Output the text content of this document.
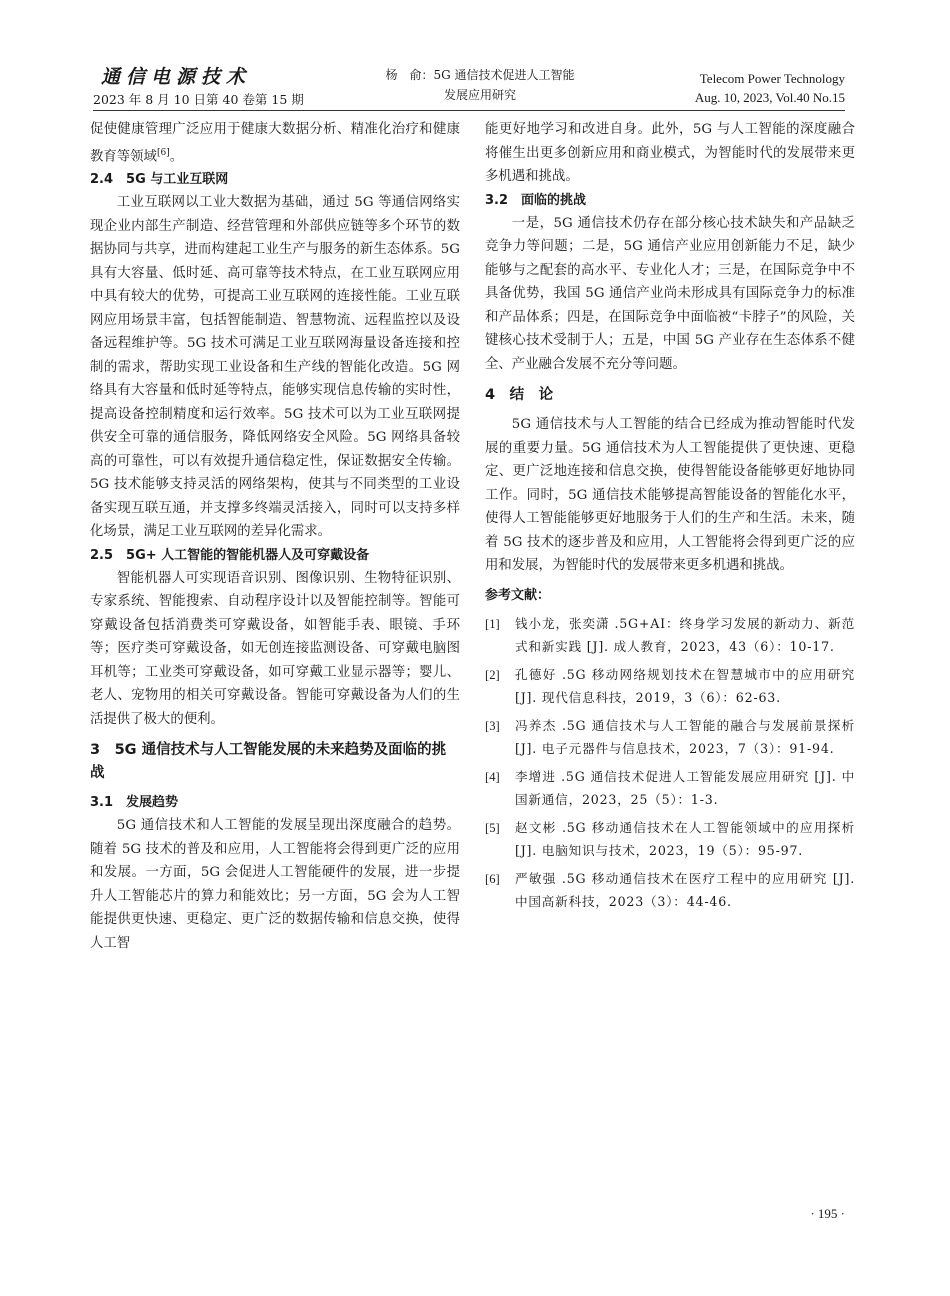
通信电源技术
2023 年 8 月 10 日第 40 卷第 15 期
杨　俞：5G 通信技术促进人工智能
发展应用研究
Telecom Power Technology
Aug. 10, 2023, Vol.40 No.15

促使健康管理广泛应用于健康大数据分析、精准化治疗和健康教育等领域[6]。

2.4　5G 与工业互联网

工业互联网以工业大数据为基础，通过 5G 等通信网络实现企业内部生产制造、经营管理和外部供应链等多个环节的数据协同与共享，进而构建起工业生产与服务的新生态体系。5G 具有大容量、低时延、高可靠等技术特点，在工业互联网应用中具有较大的优势，可提高工业互联网的连接性能。工业互联网应用场景丰富，包括智能制造、智慧物流、远程监控以及设备远程维护等。5G 技术可满足工业互联网海量设备连接和控制的需求，帮助实现工业设备和生产线的智能化改造。5G 网络具有大容量和低时延等特点，能够实现信息传输的实时性，提高设备控制精度和运行效率。5G 技术可以为工业互联网提供安全可靠的通信服务，降低网络安全风险。5G 网络具备较高的可靠性，可以有效提升通信稳定性，保证数据安全传输。5G 技术能够支持灵活的网络架构，使其与不同类型的工业设备实现互联互通，并支撑多终端灵活接入，同时可以支持多样化场景，满足工业互联网的差异化需求。

2.5　5G+ 人工智能的智能机器人及可穿戴设备

智能机器人可实现语音识别、图像识别、生物特征识别、专家系统、智能搜索、自动程序设计以及智能控制等。智能可穿戴设备包括消费类可穿戴设备，如智能手表、眼镜、手环等；医疗类可穿戴设备，如无创连接监测设备、可穿戴电脑图耳机等；工业类可穿戴设备，如可穿戴工业显示器等；婴儿、老人、宠物用的相关可穿戴设备。智能可穿戴设备为人们的生活提供了极大的便利。

3　5G 通信技术与人工智能发展的未来趋势及面临的挑战
3.1　发展趋势

5G 通信技术和人工智能的发展呈现出深度融合的趋势。随着 5G 技术的普及和应用，人工智能将会得到更广泛的应用和发展。一方面，5G 会促进人工智能硬件的发展，进一步提升人工智能芯片的算力和能效比；另一方面，5G 会为人工智能提供更快速、更稳定、更广泛的数据传输和信息交换，使得人工智

能更好地学习和改进自身。此外，5G 与人工智能的深度融合将催生出更多创新应用和商业模式，为智能时代的发展带来更多机遇和挑战。

3.2　面临的挑战

一是，5G 通信技术仍存在部分核心技术缺失和产品缺乏竞争力等问题；二是，5G 通信产业应用创新能力不足，缺少能够与之配套的高水平、专业化人才；三是，在国际竞争中不具备优势，我国 5G 通信产业尚未形成具有国际竞争力的标准和产品体系；四是，在国际竞争中面临被“卡脖子”的风险，关键核心技术受制于人；五是，中国 5G 产业存在生态体系不健全、产业融合发展不充分等问题。

4　结　论

5G 通信技术与人工智能的结合已经成为推动智能时代发展的重要力量。5G 通信技术为人工智能提供了更快速、更稳定、更广泛地连接和信息交换，使得智能设备能够更好地协同工作。同时，5G 通信技术能够提高智能设备的智能化水平，使得人工智能能够更好地服务于人们的生产和生活。未来，随着 5G 技术的逐步普及和应用，人工智能将会得到更广泛的应用和发展，为智能时代的发展带来更多机遇和挑战。

参考文献：
[1]	钱小龙，张奕潇 .5G+AI：终身学习发展的新动力、新范式和新实践 [J]. 成人教育，2023，43（6）：10-17.
[2]	孔德好 .5G 移动网络规划技术在智慧城市中的应用研究 [J]. 现代信息科技，2019，3（6）：62-63.
[3]	冯养杰 .5G 通信技术与人工智能的融合与发展前景探析 [J]. 电子元器件与信息技术，2023，7（3）：91-94.
[4]	李增进 .5G 通信技术促进人工智能发展应用研究 [J]. 中国新通信，2023，25（5）：1-3.
[5]	赵文彬 .5G 移动通信技术在人工智能领域中的应用探析 [J]. 电脑知识与技术，2023，19（5）：95-97.
[6]	严敏强 .5G 移动通信技术在医疗工程中的应用研究 [J]. 中国高新科技，2023（3）：44-46.
· 195 ·
